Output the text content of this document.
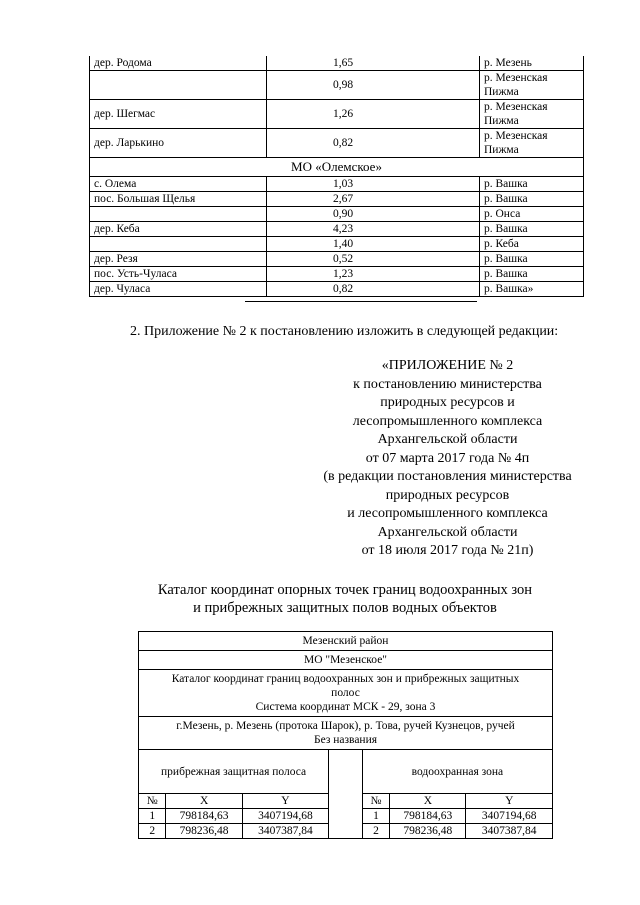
дер. Родома	1,65	р. Мезень
	0,98	р. Мезенская Пижма
дер. Шегмас	1,26	р. Мезенская Пижма
дер. Ларькино	0,82	р. Мезенская Пижма
МО «Олемское»		
с. Олема	1,03	р. Вашка
пос. Большая Щелья	2,67	р. Вашка
	0,90	р. Онса
дер. Кеба	4,23	р. Вашка
	1,40	р. Кеба
дер. Резя	0,52	р. Вашка
пос. Усть-Чуласа	1,23	р. Вашка
дер. Чуласа	0,82	р. Вашка»
2. Приложение № 2 к постановлению изложить в следующей редакции:
«ПРИЛОЖЕНИЕ № 2
к постановлению министерства
природных ресурсов и
лесопромышленного комплекса
Архангельской области
от 07 марта 2017 года № 4п
(в редакции постановления министерства
природных ресурсов
и лесопромышленного комплекса
Архангельской области
от 18 июля 2017 года № 21п)
Каталог координат опорных точек границ водоохранных зон
и прибрежных защитных полов водных объектов
Мезенский район						
МО "Мезенское"						

Каталог координат границ водоохранных зон и прибрежных защитных
полос
Система координат МСК - 29, зона 3						

г.Мезень, р. Мезень (протока Шарок), р. Това, ручей Кузнецов, ручей
Без названия						

прибрежная защитная полоса				водоохранная зона		
№	X	Y		№	X	Y
1	798184,63	3407194,68		1	798184,63	3407194,68
2	798236,48	3407387,84		2	798236,48	3407387,84
